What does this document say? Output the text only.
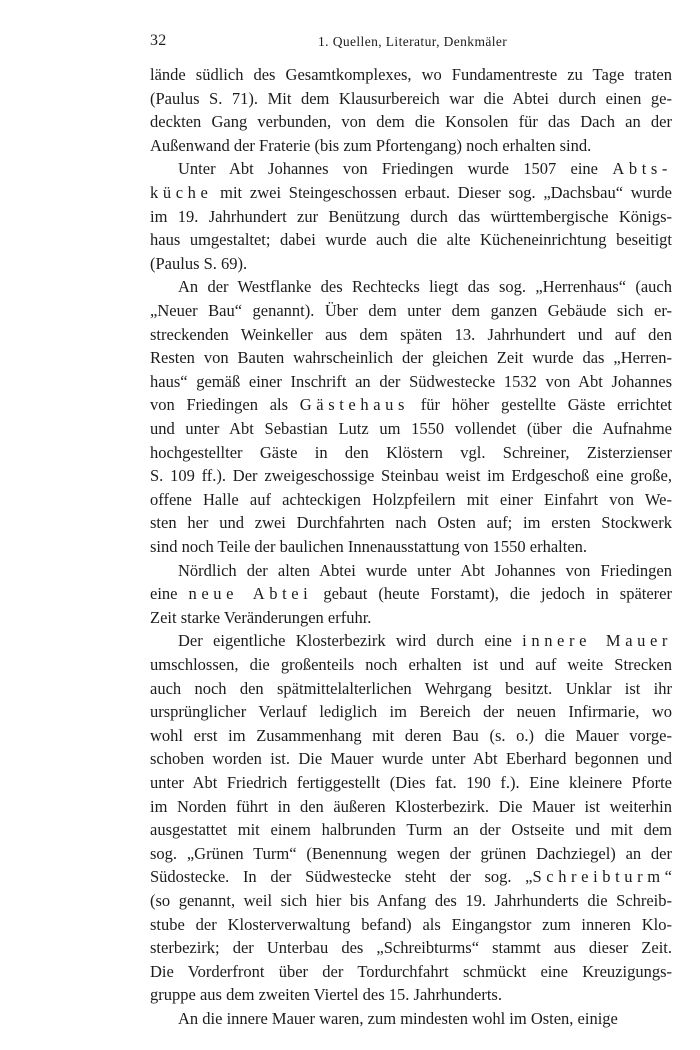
32	1. Quellen, Literatur, Denkmäler
lände südlich des Gesamtkomplexes, wo Fundamentreste zu Tage traten
(Paulus S. 71). Mit dem Klausurbereich war die Abtei durch einen ge-
deckten Gang verbunden, von dem die Konsolen für das Dach an der
Außenwand der Fraterie (bis zum Pfortengang) noch erhalten sind.
Unter Abt Johannes von Friedingen wurde 1507 eine Abts-
küche mit zwei Steingeschossen erbaut. Dieser sog. „Dachsbau“ wurde
im 19. Jahrhundert zur Benützung durch das württembergische Königs-
haus umgestaltet; dabei wurde auch die alte Kücheneinrichtung beseitigt
(Paulus S. 69).
An der Westflanke des Rechtecks liegt das sog. „Herrenhaus“ (auch
„Neuer Bau“ genannt). Über dem unter dem ganzen Gebäude sich er-
streckenden Weinkeller aus dem späten 13. Jahrhundert und auf den
Resten von Bauten wahrscheinlich der gleichen Zeit wurde das „Herren-
haus“ gemäß einer Inschrift an der Südwestecke 1532 von Abt Johannes
von Friedingen als Gästehaus für höher gestellte Gäste errichtet
und unter Abt Sebastian Lutz um 1550 vollendet (über die Aufnahme
hochgestellter Gäste in den Klöstern vgl. Schreiner, Zisterzienser
S. 109 ff.). Der zweigeschossige Steinbau weist im Erdgeschoß eine große,
offene Halle auf achteckigen Holzpfeilern mit einer Einfahrt von We-
sten her und zwei Durchfahrten nach Osten auf; im ersten Stockwerk
sind noch Teile der baulichen Innenausstattung von 1550 erhalten.
Nördlich der alten Abtei wurde unter Abt Johannes von Friedingen
eine neue Abtei gebaut (heute Forstamt), die jedoch in späterer
Zeit starke Veränderungen erfuhr.
Der eigentliche Klosterbezirk wird durch eine innere Mauer
umschlossen, die großenteils noch erhalten ist und auf weite Strecken
auch noch den spätmittelalterlichen Wehrgang besitzt. Unklar ist ihr
ursprünglicher Verlauf lediglich im Bereich der neuen Infirmarie, wo
wohl erst im Zusammenhang mit deren Bau (s. o.) die Mauer vorge-
schoben worden ist. Die Mauer wurde unter Abt Eberhard begonnen und
unter Abt Friedrich fertiggestellt (Dies fat. 190 f.). Eine kleinere Pforte
im Norden führt in den äußeren Klosterbezirk. Die Mauer ist weiterhin
ausgestattet mit einem halbrunden Turm an der Ostseite und mit dem
sog. „Grünen Turm“ (Benennung wegen der grünen Dachziegel) an der
Südostecke. In der Südwestecke steht der sog. „Schreibturm“
(so genannt, weil sich hier bis Anfang des 19. Jahrhunderts die Schreib-
stube der Klosterverwaltung befand) als Eingangstor zum inneren Klo-
sterbezirk; der Unterbau des „Schreibturms“ stammt aus dieser Zeit.
Die Vorderfront über der Tordurchfahrt schmückt eine Kreuzigungs-
gruppe aus dem zweiten Viertel des 15. Jahrhunderts.
An die innere Mauer waren, zum mindesten wohl im Osten, einige
